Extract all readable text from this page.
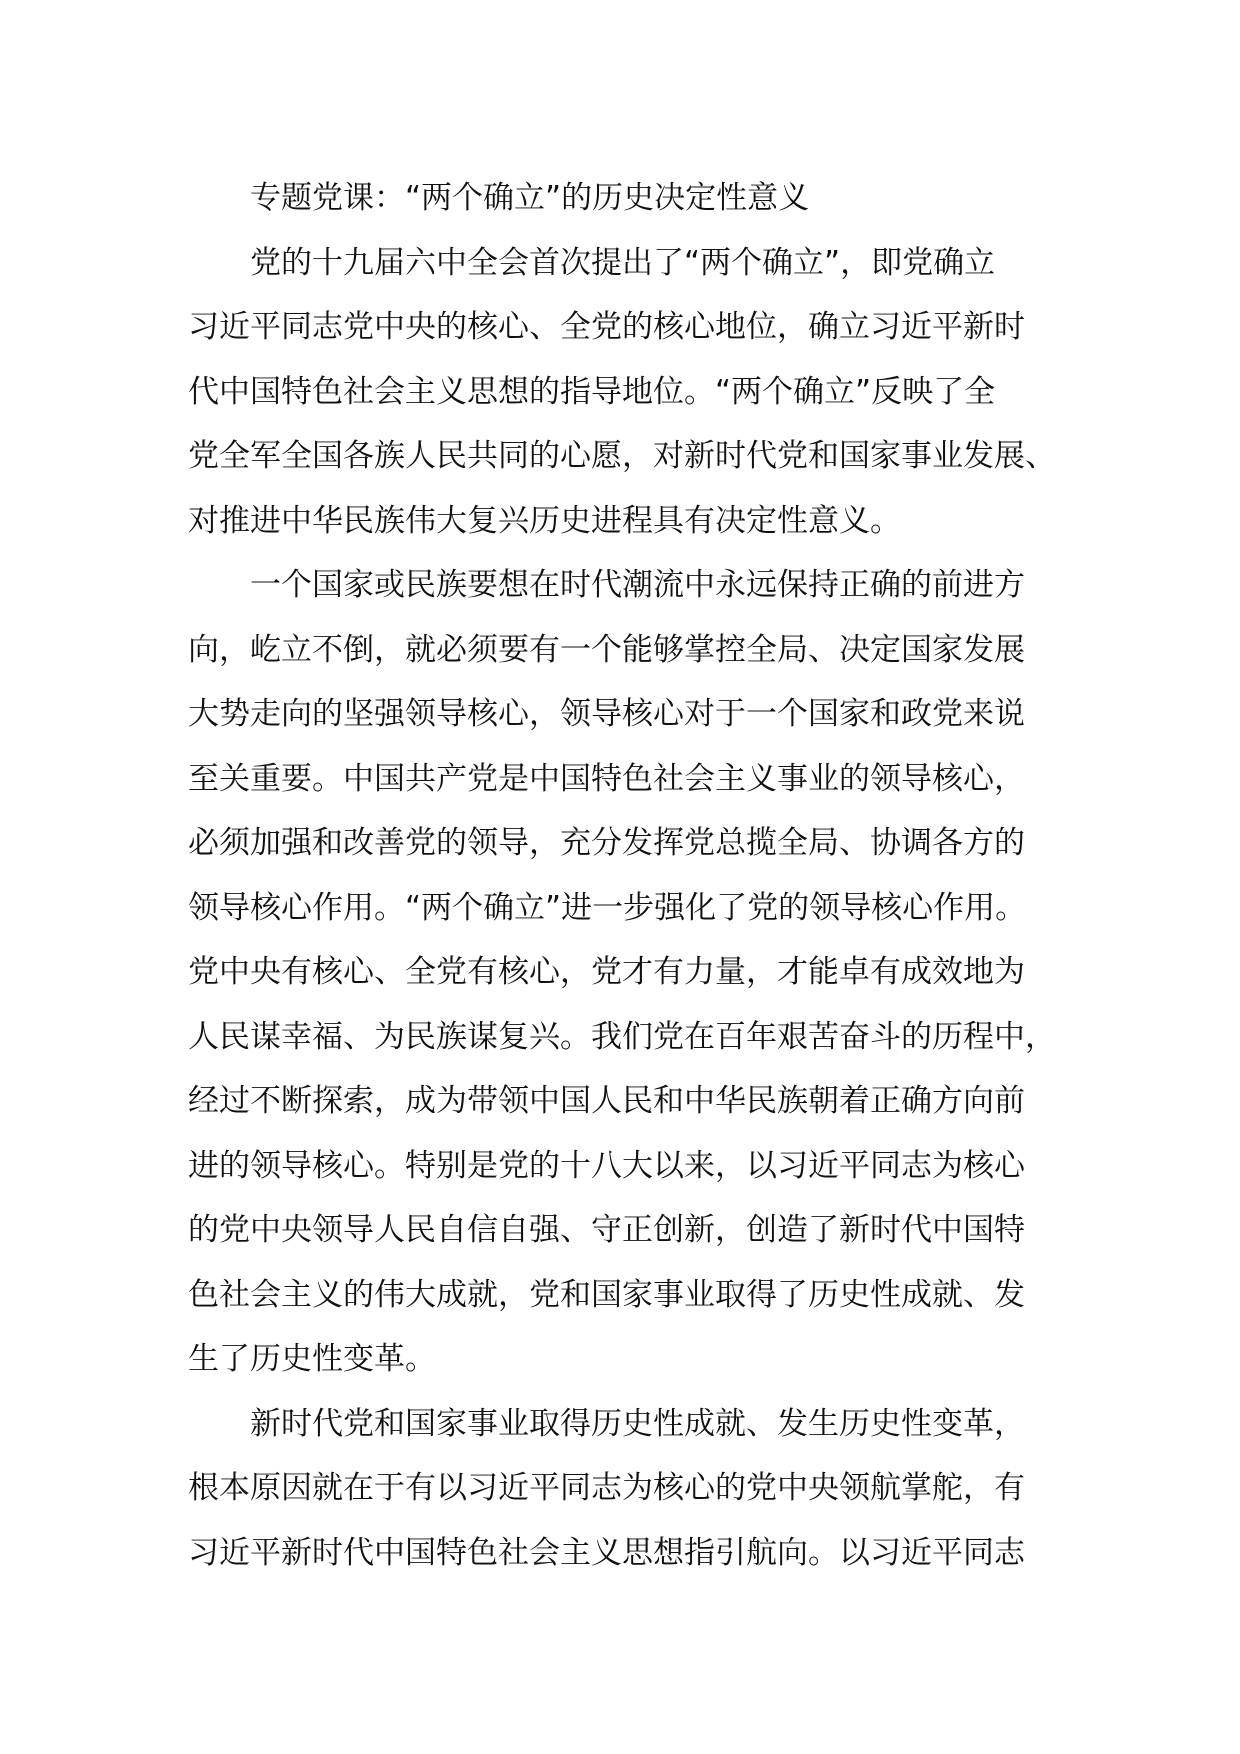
专题党课：“两个确立”的历史决定性意义
党的十九届六中全会首次提出了“两个确立”，即党确立
习近平同志党中央的核心、全党的核心地位，确立习近平新时
代中国特色社会主义思想的指导地位。“两个确立”反映了全
党全军全国各族人民共同的心愿，对新时代党和国家事业发展、
对推进中华民族伟大复兴历史进程具有决定性意义。
一个国家或民族要想在时代潮流中永远保持正确的前进方
向，屹立不倒，就必须要有一个能够掌控全局、决定国家发展
大势走向的坚强领导核心，领导核心对于一个国家和政党来说
至关重要。中国共产党是中国特色社会主义事业的领导核心，
必须加强和改善党的领导，充分发挥党总揽全局、协调各方的
领导核心作用。“两个确立”进一步强化了党的领导核心作用。
党中央有核心、全党有核心，党才有力量，才能卓有成效地为
人民谋幸福、为民族谋复兴。我们党在百年艰苦奋斗的历程中，
经过不断探索，成为带领中国人民和中华民族朝着正确方向前
进的领导核心。特别是党的十八大以来，以习近平同志为核心
的党中央领导人民自信自强、守正创新，创造了新时代中国特
色社会主义的伟大成就，党和国家事业取得了历史性成就、发
生了历史性变革。
新时代党和国家事业取得历史性成就、发生历史性变革，
根本原因就在于有以习近平同志为核心的党中央领航掌舵，有
习近平新时代中国特色社会主义思想指引航向。以习近平同志
